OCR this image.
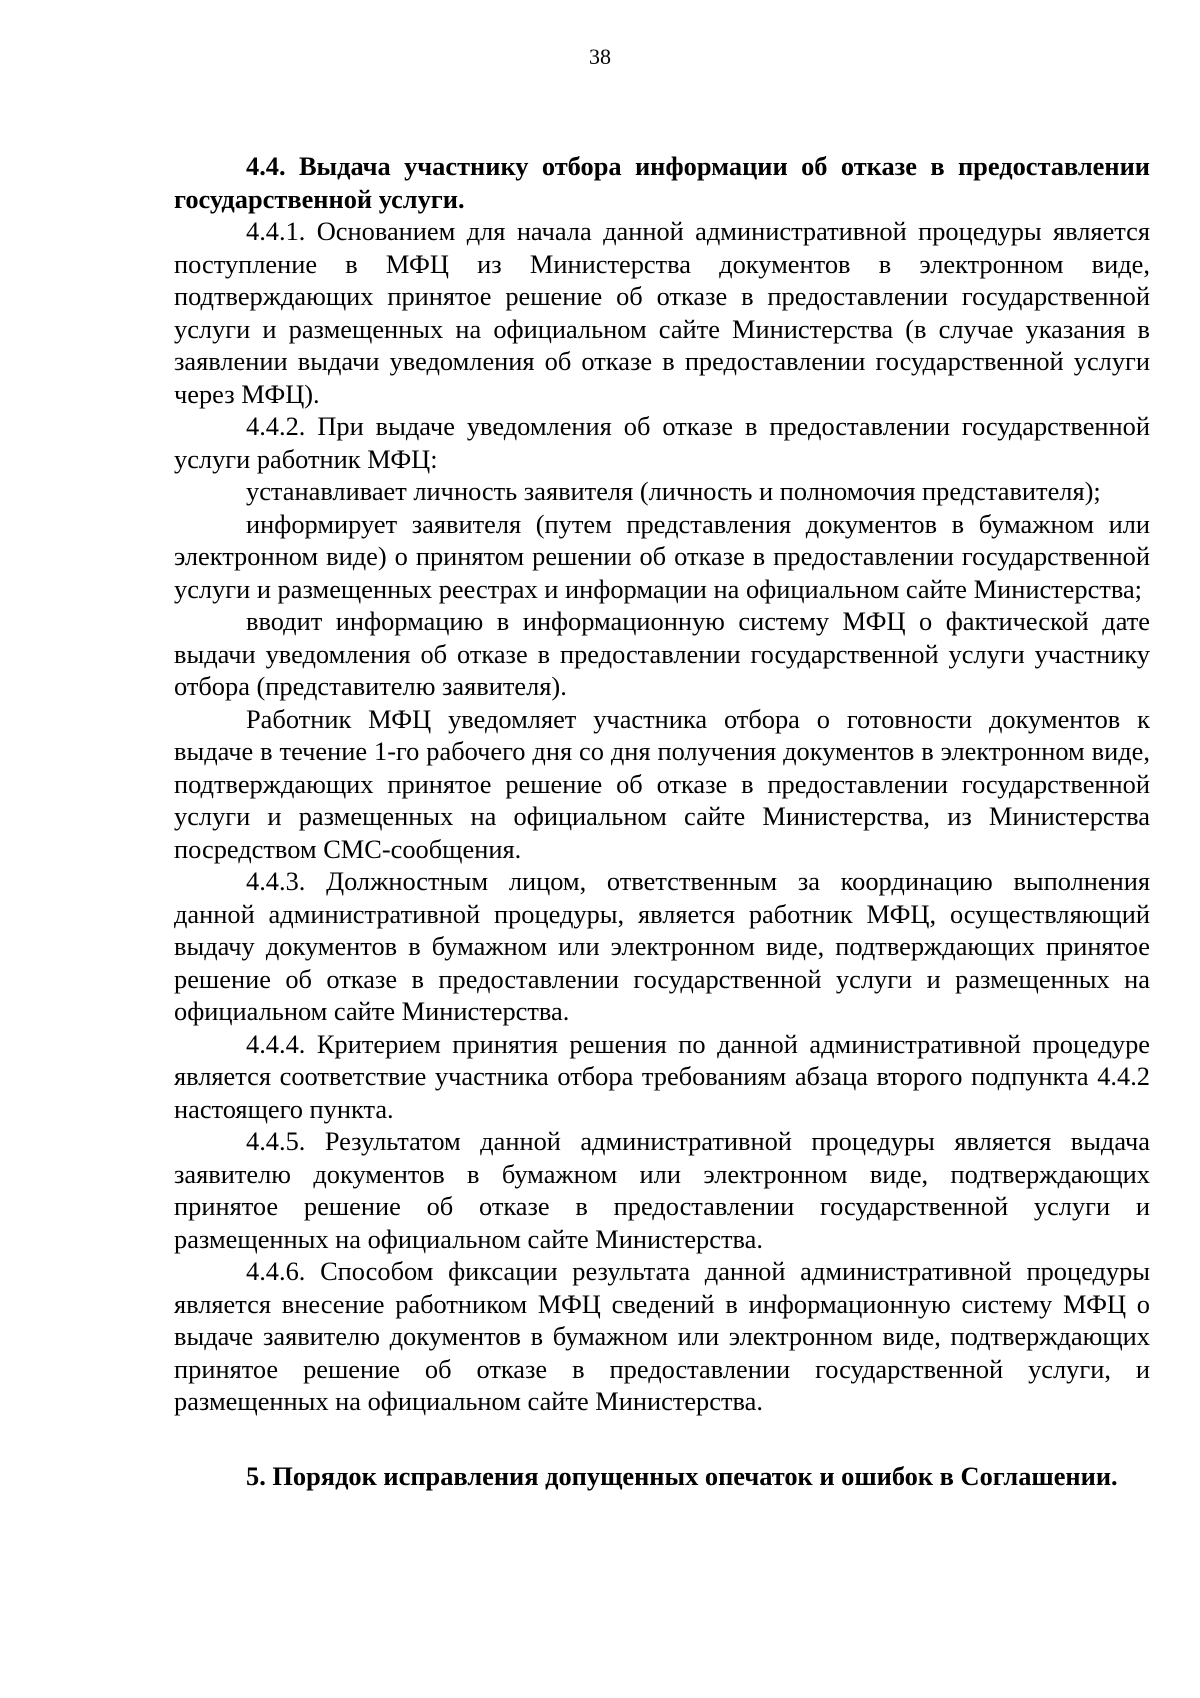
38

4.4. Выдача участнику отбора информации об отказе в предоставлении государственной услуги.

4.4.1. Основанием для начала данной административной процедуры является поступление в МФЦ из Министерства документов в электронном виде, подтверждающих принятое решение об отказе в предоставлении государственной услуги и размещенных на официальном сайте Министерства (в случае указания в заявлении выдачи уведомления об отказе в предоставлении государственной услуги через МФЦ).

4.4.2. При выдаче уведомления об отказе в предоставлении государственной услуги работник МФЦ:

устанавливает личность заявителя (личность и полномочия представителя);

информирует заявителя (путем представления документов в бумажном или электронном виде) о принятом решении об отказе в предоставлении государственной услуги и размещенных реестрах и информации на официальном сайте Министерства;

вводит информацию в информационную систему МФЦ о фактической дате выдачи уведомления об отказе в предоставлении государственной услуги участнику отбора (представителю заявителя).

Работник МФЦ уведомляет участника отбора о готовности документов к выдаче в течение 1-го рабочего дня со дня получения документов в электронном виде, подтверждающих принятое решение об отказе в предоставлении государственной услуги и размещенных на официальном сайте Министерства, из Министерства посредством СМС-сообщения.

4.4.3. Должностным лицом, ответственным за координацию выполнения данной административной процедуры, является работник МФЦ, осуществляющий выдачу документов в бумажном или электронном виде, подтверждающих принятое решение об отказе в предоставлении государственной услуги и размещенных на официальном сайте Министерства.

4.4.4. Критерием принятия решения по данной административной процедуре является соответствие участника отбора требованиям абзаца второго подпункта 4.4.2 настоящего пункта.

4.4.5. Результатом данной административной процедуры является выдача заявителю документов в бумажном или электронном виде, подтверждающих принятое решение об отказе в предоставлении государственной услуги и размещенных на официальном сайте Министерства.

4.4.6. Способом фиксации результата данной административной процедуры является внесение работником МФЦ сведений в информационную систему МФЦ о выдаче заявителю документов в бумажном или электронном виде, подтверждающих принятое решение об отказе в предоставлении государственной услуги, и размещенных на официальном сайте Министерства.

5. Порядок исправления допущенных опечаток и ошибок в Соглашении.
